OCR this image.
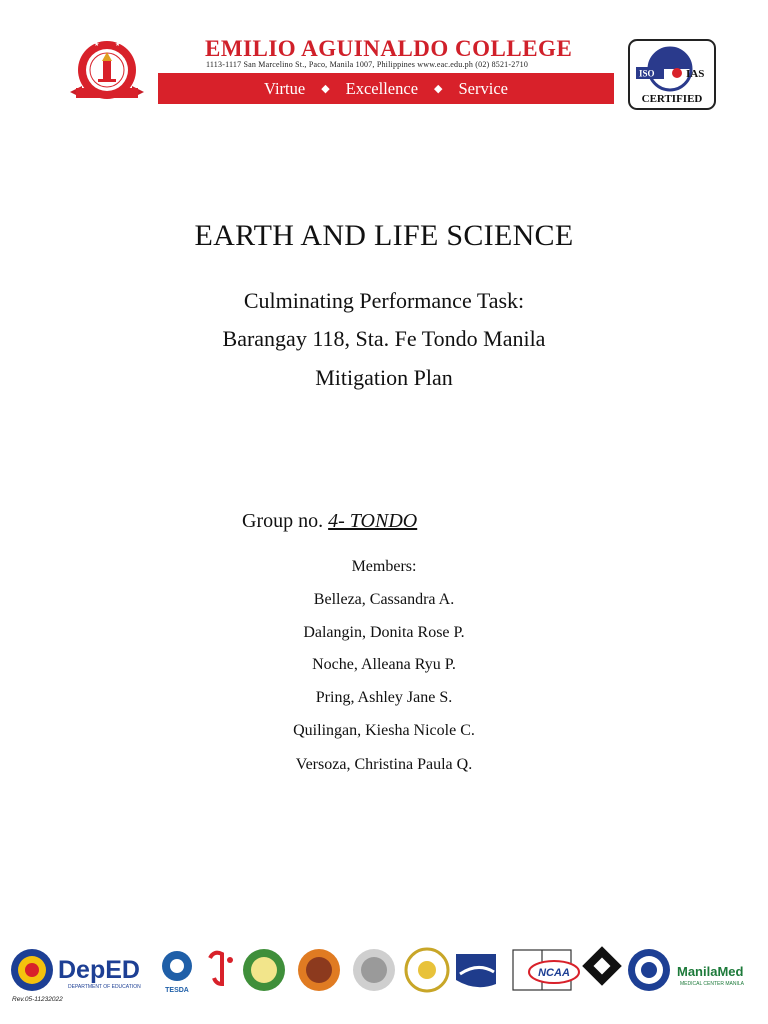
★	★	EMILIO AGUINALDO COLLEGE
1113-1117 San Marcelino St., Paco, Manila 1007, Philippines www.eac.edu.ph (02) 8521-2710
Virtue ◆ Excellence ◆ Service
ISO	IAS
CERTIFIED
EARTH AND LIFE SCIENCE
Culminating Performance Task:
Barangay 118, Sta. Fe Tondo Manila
Mitigation Plan
Group no. 4- TONDO
Members:
Belleza, Cassandra A.
Dalangin, Donita Rose P.
Noche, Alleana Ryu P.
Pring, Ashley Jane S.
Quilingan, Kiesha Nicole C.
Versoza, Christina Paula Q.
DepED
DEPARTMENT OF EDUCATION	TESDA
NCAA	ManilaMed
MEDICAL CENTER MANILA
Rev.05-11232022
